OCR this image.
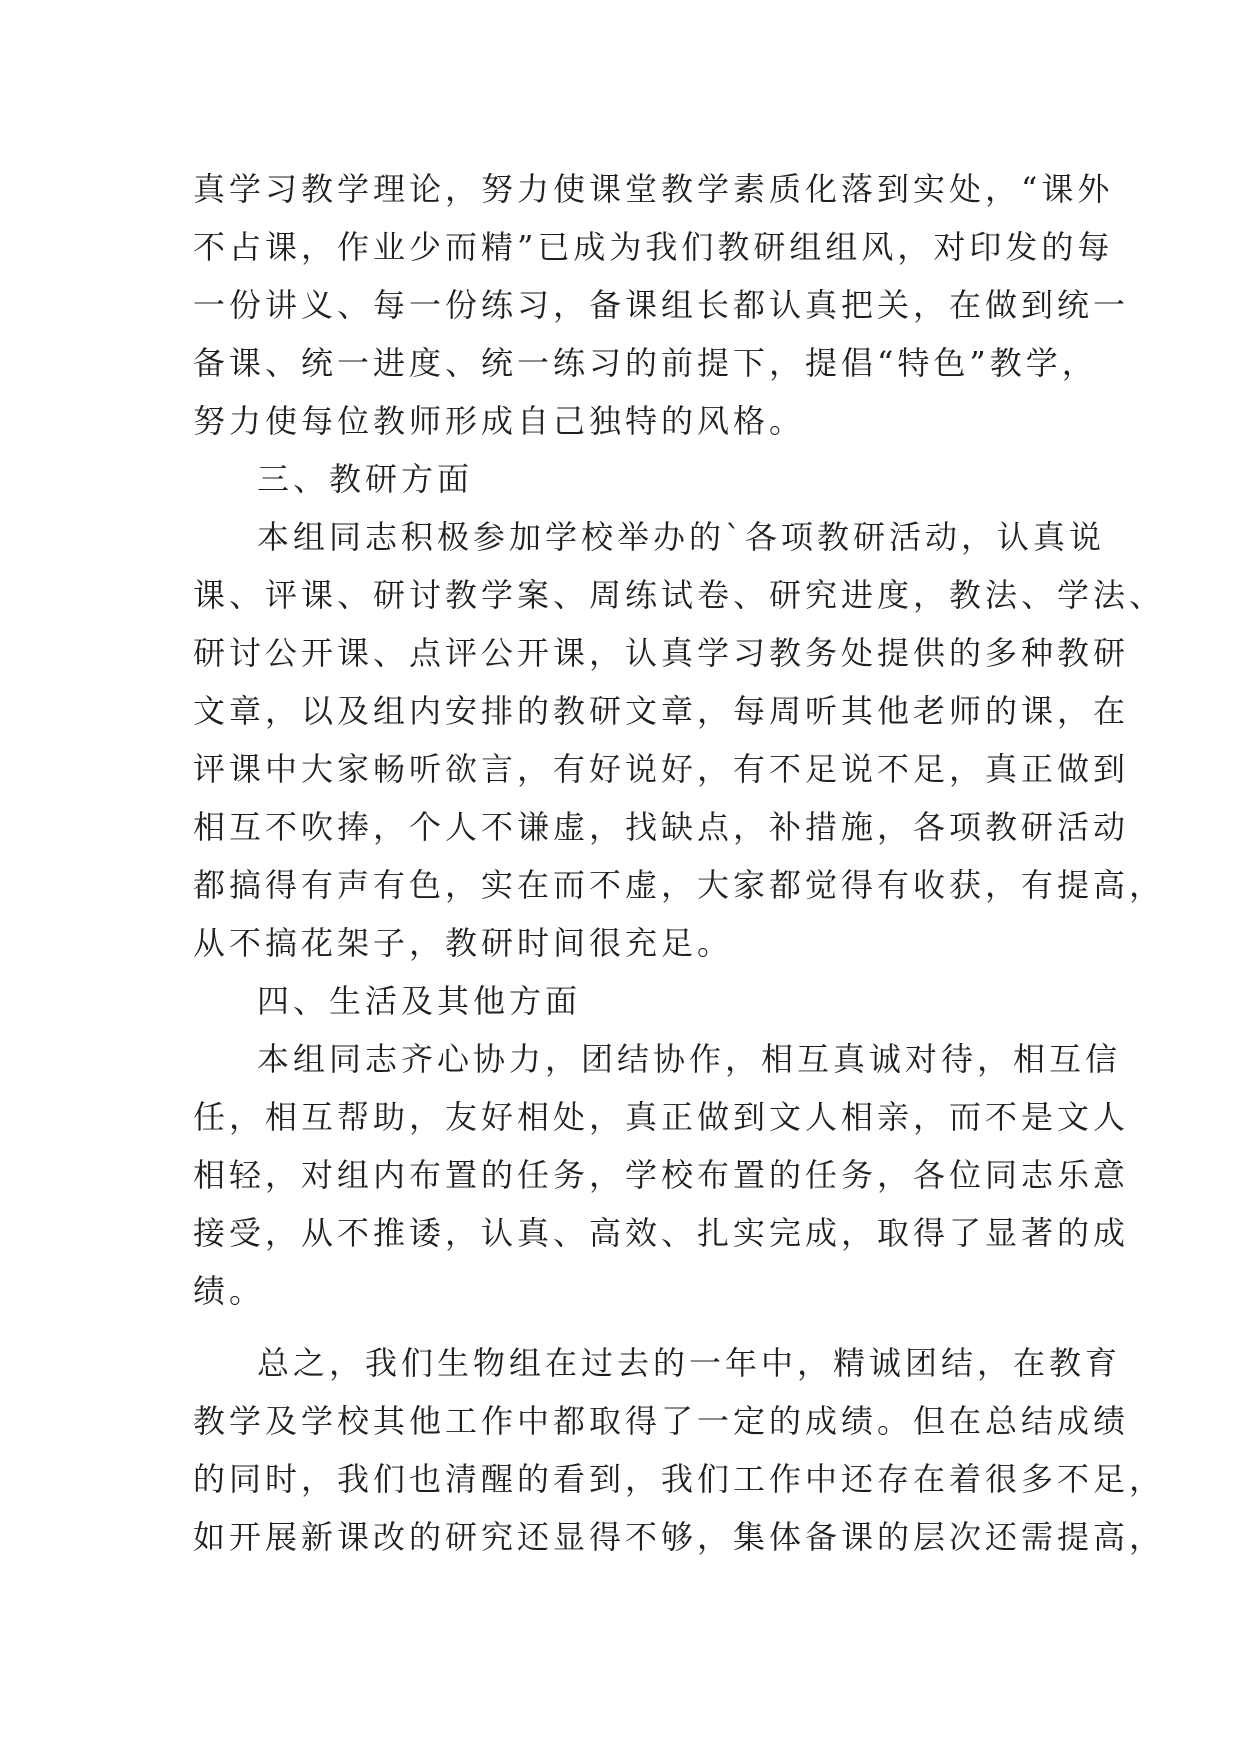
真学习教学理论，努力使课堂教学素质化落到实处，“课外
不占课，作业少而精”已成为我们教研组组风，对印发的每
一份讲义、每一份练习，备课组长都认真把关，在做到统一
备课、统一进度、统一练习的前提下，提倡“特色”教学，
努力使每位教师形成自己独特的风格。
三、教研方面
本组同志积极参加学校举办的`各项教研活动，认真说
课、评课、研讨教学案、周练试卷、研究进度，教法、学法、
研讨公开课、点评公开课，认真学习教务处提供的多种教研
文章，以及组内安排的教研文章，每周听其他老师的课，在
评课中大家畅听欲言，有好说好，有不足说不足，真正做到
相互不吹捧，个人不谦虚，找缺点，补措施，各项教研活动
都搞得有声有色，实在而不虚，大家都觉得有收获，有提高，
从不搞花架子，教研时间很充足。
四、生活及其他方面
本组同志齐心协力，团结协作，相互真诚对待，相互信
任，相互帮助，友好相处，真正做到文人相亲，而不是文人
相轻，对组内布置的任务，学校布置的任务，各位同志乐意
接受，从不推诿，认真、高效、扎实完成，取得了显著的成
绩。
总之，我们生物组在过去的一年中，精诚团结，在教育
教学及学校其他工作中都取得了一定的成绩。但在总结成绩
的同时，我们也清醒的看到，我们工作中还存在着很多不足，
如开展新课改的研究还显得不够，集体备课的层次还需提高，
